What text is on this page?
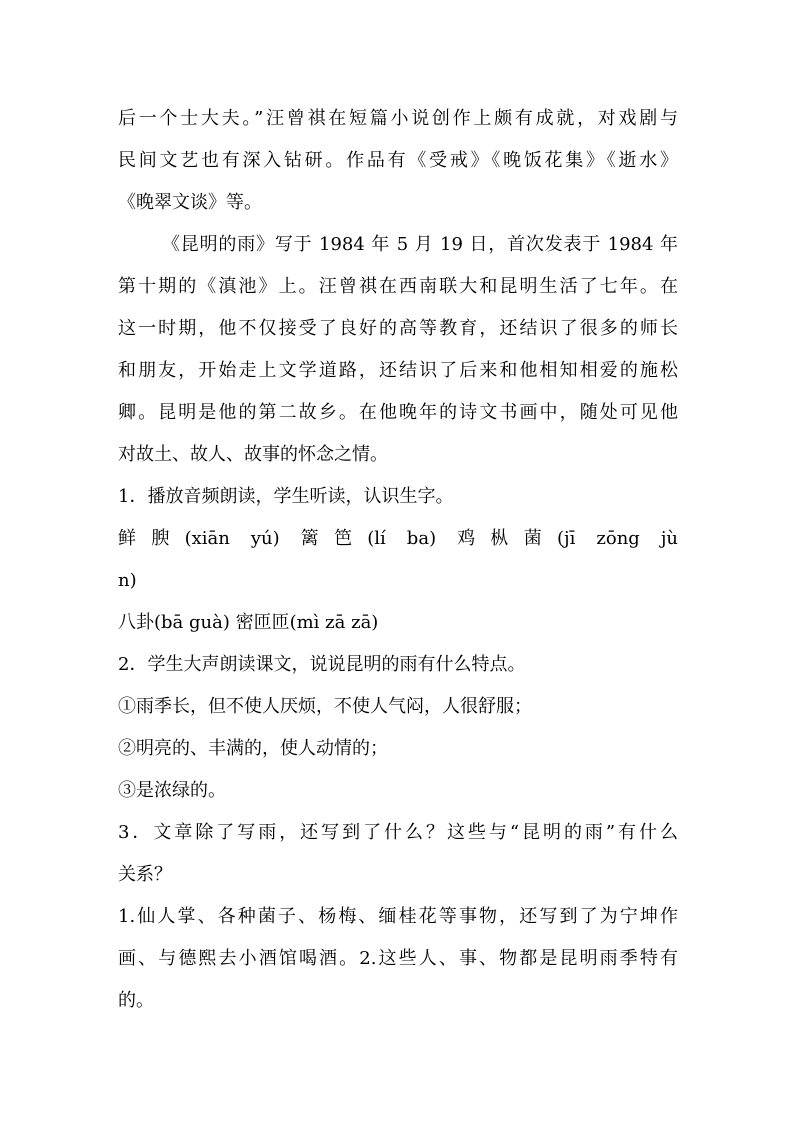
后一个士大夫。”汪曾祺在短篇小说创作上颇有成就，对戏剧与
民间文艺也有深入钻研。作品有《受戒》《晚饭花集》《逝水》
《晚翠文谈》等。
《昆明的雨》写于 1984 年 5 月 19 日，首次发表于 1984 年
第十期的《滇池》上。汪曾祺在西南联大和昆明生活了七年。在
这一时期，他不仅接受了良好的高等教育，还结识了很多的师长
和朋友，开始走上文学道路，还结识了后来和他相知相爱的施松
卿。昆明是他的第二故乡。在他晚年的诗文书画中，随处可见他
对故土、故人、故事的怀念之情。
1．播放音频朗读，学生听读，认识生字。
鲜腴(xiān yú) 篱笆(lí ba) 鸡枞菌(jī zōng jù
n)
八卦(bā guà) 密匝匝(mì zā zā)
2．学生大声朗读课文，说说昆明的雨有什么特点。
①雨季长，但不使人厌烦，不使人气闷，人很舒服；
②明亮的、丰满的，使人动情的；
③是浓绿的。
3．文章除了写雨，还写到了什么？这些与“昆明的雨”有什么
关系？
1.仙人掌、各种菌子、杨梅、缅桂花等事物，还写到了为宁坤作
画、与德熙去小酒馆喝酒。2.这些人、事、物都是昆明雨季特有
的。
